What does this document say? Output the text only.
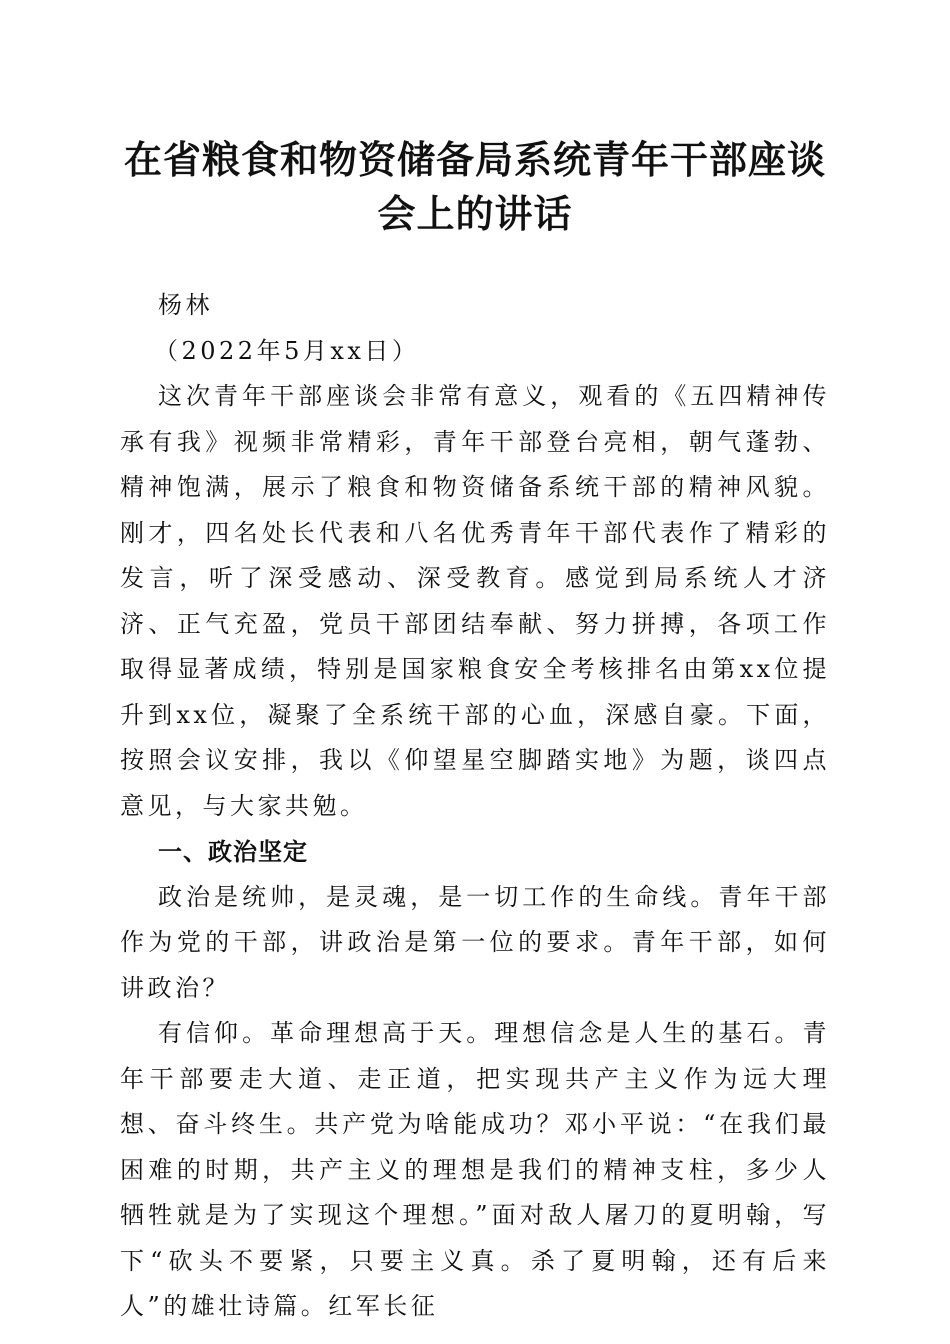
在省粮食和物资储备局系统青年干部座谈会上的讲话

杨林

（2022年5月xx日）

这次青年干部座谈会非常有意义，观看的《五四精神传承有我》视频非常精彩，青年干部登台亮相，朝气蓬勃、精神饱满，展示了粮食和物资储备系统干部的精神风貌。刚才，四名处长代表和八名优秀青年干部代表作了精彩的发言，听了深受感动、深受教育。感觉到局系统人才济济、正气充盈，党员干部团结奉献、努力拼搏，各项工作取得显著成绩，特别是国家粮食安全考核排名由第xx位提升到xx位，凝聚了全系统干部的心血，深感自豪。下面，按照会议安排，我以《仰望星空脚踏实地》为题，谈四点意见，与大家共勉。

一、政治坚定

政治是统帅，是灵魂，是一切工作的生命线。青年干部作为党的干部，讲政治是第一位的要求。青年干部，如何讲政治？

有信仰。革命理想高于天。理想信念是人生的基石。青年干部要走大道、走正道，把实现共产主义作为远大理想、奋斗终生。共产党为啥能成功？邓小平说：“在我们最困难的时期，共产主义的理想是我们的精神支柱，多少人牺牲就是为了实现这个理想。”面对敌人屠刀的夏明翰，写下“砍头不要紧，只要主义真。杀了夏明翰，还有后来人”的雄壮诗篇。红军长征
